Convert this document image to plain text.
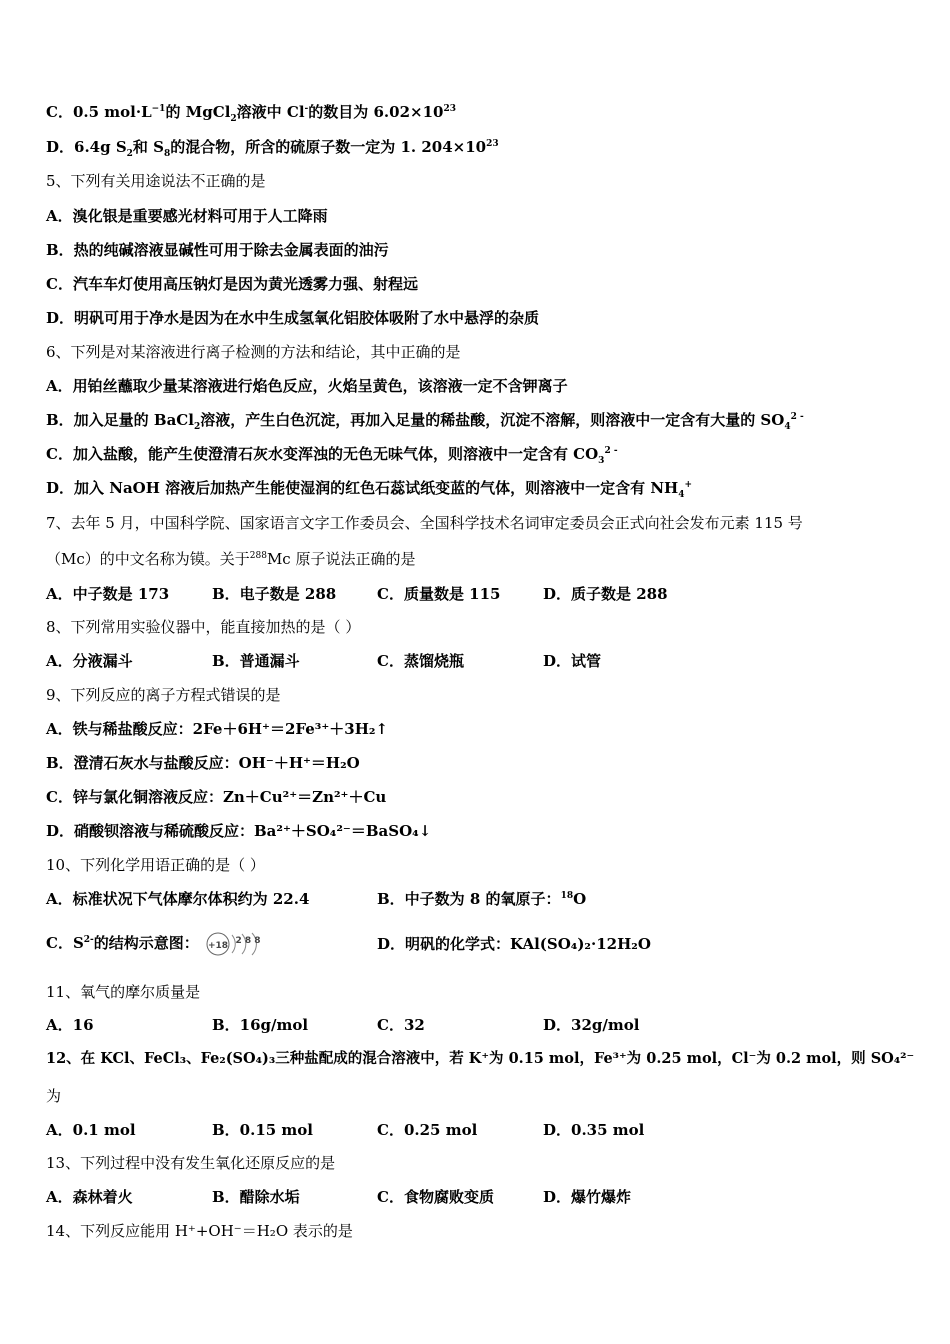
C．0.5 $mol\cdot L^{-1}$的 MgCl$_2$溶液中 Cl-的数目为 $6.02\times 10^{23}$
D．6.4g $S_2$和 $S_8$的混合物，所含的硫原子数一定为 1. $204\times 10^{23}$
5、下列有关用途说法不正确的是
A．溴化银是重要感光材料可用于人工降雨
B．热的纯碱溶液显碱性可用于除去金属表面的油污
C．汽车车灯使用高压钠灯是因为黄光透雾力强、射程远
D．明矾可用于净水是因为在水中生成氢氧化铝胶体吸附了水中悬浮的杂质
6、下列是对某溶液进行离子检测的方法和结论，其中正确的是
A．用铂丝蘸取少量某溶液进行焰色反应，火焰呈黄色，该溶液一定不含钾离子
B．加入足量的 BaCl$_2$溶液，产生白色沉淀，再加入足量的稀盐酸，沉淀不溶解，则溶液中一定含有大量的 $SO_4^{2 -}$
C．加入盐酸，能产生使澄清石灰水变浑浊的无色无味气体，则溶液中一定含有 $CO_3^{2 -}$
D．加入 NaOH 溶液后加热产生能使湿润的红色石蕊试纸变蓝的气体，则溶液中一定含有 $NH_4^+$
7、去年 5 月，中国科学院、国家语言文字工作委员会、全国科学技术名词审定委员会正式向社会发布元素 115 号
（Mc）的中文名称为镆。关于$^{288}$Mc 原子说法正确的是
A．中子数是 173	B．电子数是 288	C．质量数是 115	D．质子数是 288
8、下列常用实验仪器中，能直接加热的是（ ）
A．分液漏斗	B．普通漏斗	C．蒸馏烧瓶	D．试管
9、下列反应的离子方程式错误的是
A．铁与稀盐酸反应：2Fe＋6H⁺＝2Fe³⁺＋3H₂↑
B．澄清石灰水与盐酸反应：OH⁻＋H⁺＝H₂O
C．锌与氯化铜溶液反应：Zn＋Cu²⁺＝Zn²⁺＋Cu
D．硝酸钡溶液与稀硫酸反应：Ba²⁺＋SO₄²⁻＝BaSO₄↓
10、下列化学用语正确的是（ ）
A．标准状况下气体摩尔体积约为 22.4	B．中子数为 8 的氧原子：$^{18}$O
C．$S^{2-}$的结构示意图： +18 2 8 8	D．明矾的化学式：KAl(SO₄)₂·12H₂O
11、氧气的摩尔质量是
A．16	B．16g/mol	C．32	D．32g/mol
12、在 KCl、FeCl₃、Fe₂(SO₄)₃三种盐配成的混合溶液中，若 K⁺为 0.15 mol，Fe³⁺为 0.25 mol，Cl⁻为 0.2 mol，则 SO₄²⁻
为
A．0.1 mol	B．0.15 mol	C．0.25 mol	D．0.35 mol
13、下列过程中没有发生氧化还原反应的是
A．森林着火	B．醋除水垢	C．食物腐败变质	D．爆竹爆炸
14、下列反应能用 H⁺+OH⁻＝H₂O 表示的是
